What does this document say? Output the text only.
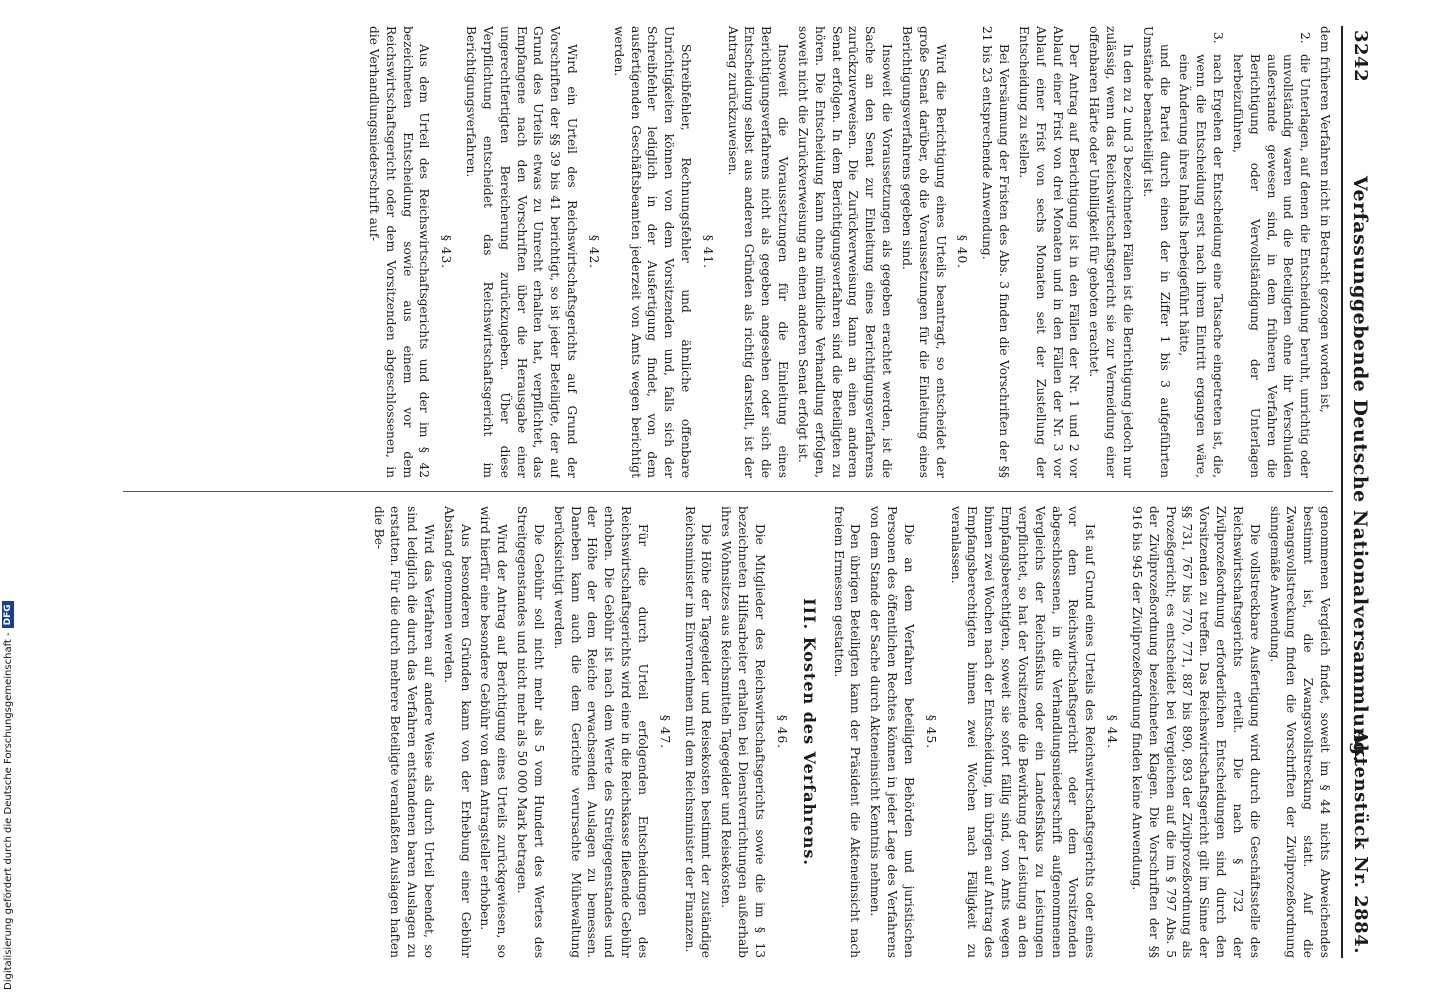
3242
Verfassunggebende Deutsche Nationalversammlung.
Aktenstück Nr. 2884.

dem früheren Verfahren nicht in Betracht gezogen worden ist,

2.
die Unterlagen, auf denen die Entscheidung beruht, unrichtig oder unvollständig waren und die Beteiligten ohne ihr Verschulden außerstande gewesen sind, in dem früheren Verfahren die Berichtigung oder Vervollständigung der Unterlagen herbeizuführen,
3.
nach Ergehen der Entscheidung eine Tatsache eingetreten ist, die, wenn die Entscheidung erst nach ihrem Eintritt ergangen wäre, eine Änderung ihres Inhalts herbeigeführt hätte,

und die Partei durch einen der in Ziffer 1 bis 3 aufgeführten Umstände benachteiligt ist.

In den zu 2 und 3 bezeichneten Fällen ist die Berichtigung jedoch nur zulässig, wenn das Reichswirtschaftsgericht sie zur Vermeidung einer offenbaren Härte oder Unbilligkeit für geboten erachtet.

Der Antrag auf Berichtigung ist in den Fällen der Nr. 1 und 2 vor Ablauf einer Frist von drei Monaten und in den Fällen der Nr. 3 vor Ablauf einer Frist von sechs Monaten seit der Zustellung der Entscheidung zu stellen.

Bei Versäumung der Fristen des Abs. 3 finden die Vorschriften der §§ 21 bis 23 entsprechende Anwendung.

§ 40.

Wird die Berichtigung eines Urteils beantragt, so entscheidet der große Senat darüber, ob die Voraussetzungen für die Einleitung eines Berichtigungsverfahrens gegeben sind.

Insoweit die Voraussetzungen als gegeben erachtet werden, ist die Sache an den Senat zur Einleitung eines Berichtigungsverfahrens zurückzuverweisen. Die Zurückverweisung kann an einen anderen Senat erfolgen. In dem Berichtigungsverfahren sind die Beteiligten zu hören. Die Entscheidung kann ohne mündliche Verhandlung erfolgen, soweit nicht die Zurückverweisung an einen anderen Senat erfolgt ist.

Insoweit die Voraussetzungen für die Einleitung eines Berichtigungsverfahrens nicht als gegeben angesehen oder sich die Entscheidung selbst aus anderen Gründen als richtig darstellt, ist der Antrag zurückzuweisen.

§ 41.

Schreibfehler, Rechnungsfehler und ähnliche offenbare Unrichtigkeiten können von dem Vorsitzenden und, falls sich der Schreibfehler lediglich in der Ausfertigung findet, von dem ausfertigenden Geschäftsbeamten jederzeit von Amts wegen berichtigt werden.

§ 42.

Wird ein Urteil des Reichswirtschaftsgerichts auf Grund der Vorschriften der §§ 39 bis 41 berichtigt, so ist jeder Beteiligte, der auf Grund des Urteils etwas zu Unrecht erhalten hat, verpflichtet, das Empfangene nach den Vorschriften über die Herausgabe einer ungerechtfertigten Bereicherung zurückzugeben. Über diese Verpflichtung entscheidet das Reichswirtschaftsgericht im Berichtigungsverfahren.

§ 43.

Aus dem Urteil des Reichswirtschaftsgerichts und der im § 42 bezeichneten Entscheidung sowie aus einem vor dem Reichswirtschaftsgericht oder dem Vorsitzenden abgeschlossenen, in die Verhandlungsniederschrift auf-

genommenen Vergleich findet, soweit im § 44 nichts Abweichendes bestimmt ist, die Zwangsvollstreckung statt. Auf die Zwangsvollstreckung finden die Vorschriften der Zivilprozeßordnung sinngemäße Anwendung.

Die vollstreckbare Ausfertigung wird durch die Geschäftsstelle des Reichswirtschaftsgerichts erteilt. Die nach § 732 der Zivilprozeßordnung erforderlichen Entscheidungen sind durch den Vorsitzenden zu treffen. Das Reichswirtschaftsgericht gilt im Sinne der §§ 731, 767 bis 770, 771, 887 bis 890, 893 der Zivilprozeßordnung als Prozeßgericht; es entscheidet bei Vergleichen auf die im § 797 Abs. 5 der Zivilprozeßordnung bezeichneten Klagen. Die Vorschriften der §§ 916 bis 945 der Zivilprozeßordnung finden keine Anwendung.

§ 44.

Ist auf Grund eines Urteils des Reichswirtschaftsgerichts oder eines vor dem Reichswirtschaftsgericht oder dem Vorsitzenden abgeschlossenen, in die Verhandlungsniederschrift aufgenommenen Vergleichs der Reichsfiskus oder ein Landesfiskus zu Leistungen verpflichtet, so hat der Vorsitzende die Bewirkung der Leistung an den Empfangsberechtigten, soweit sie sofort fällig sind, von Amts wegen binnen zwei Wochen nach der Entscheidung, im übrigen auf Antrag des Empfangsberechtigten binnen zwei Wochen nach Fälligkeit zu veranlassen.

§ 45.

Die an dem Verfahren beteiligten Behörden und juristischen Personen des öffentlichen Rechtes können in jeder Lage des Verfahrens von dem Stande der Sache durch Akteneinsicht Kenntnis nehmen.

Den übrigen Beteiligten kann der Präsident die Akteneinsicht nach freiem Ermessen gestatten.

III. Kosten des Verfahrens.
§ 46.

Die Mitglieder des Reichswirtschaftsgerichts sowie die im § 13 bezeichneten Hilfsarbeiter erhalten bei Dienstverrichtungen außerhalb ihres Wohnsitzes aus Reichsmitteln Tagegelder und Reisekosten.

Die Höhe der Tagegelder und Reisekosten bestimmt der zuständige Reichsminister im Einvernehmen mit dem Reichsminister der Finanzen.

§ 47.

Für die durch Urteil erfolgenden Entscheidungen des Reichswirtschaftsgerichts wird eine in die Reichskasse fließende Gebühr erhoben. Die Gebühr ist nach dem Werte des Streitgegenstandes und der Höhe der dem Reiche erwachsenden Auslagen zu bemessen. Daneben kann auch die dem Gerichte verursachte Mühewaltung berücksichtigt werden.

Die Gebühr soll nicht mehr als 5 vom Hundert des Wertes des Streitgegenstandes und nicht mehr als 50 000 Mark betragen.

Wird der Antrag auf Berichtigung eines Urteils zurückgewiesen, so wird hierfür eine besondere Gebühr von dem Antragsteller erhoben.

Aus besonderen Gründen kann von der Erhebung einer Gebühr Abstand genommen werden.

Wird das Verfahren auf andere Weise als durch Urteil beendet, so sind lediglich die durch das Verfahren entstandenen baren Auslagen zu erstatten. Für die durch mehrere Beteiligte veranlaßten Auslagen haften die Be-

Digitalisierung gefördert durch die Deutsche Forschungsgemeinschaft -
DFG
